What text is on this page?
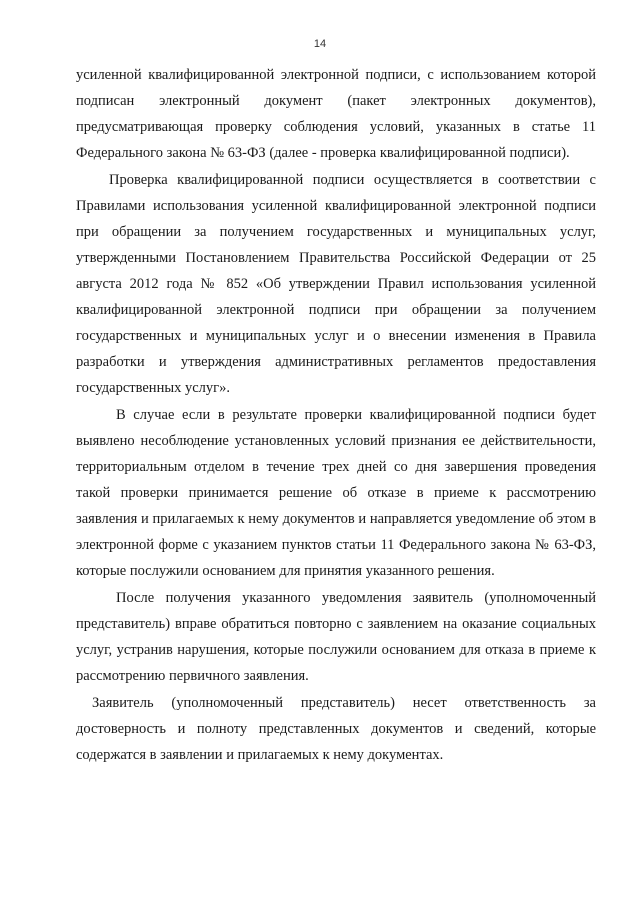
14

усиленной квалифицированной электронной подписи, с использованием которой подписан электронный документ (пакет электронных документов), предусматривающая проверку соблюдения условий, указанных в статье 11 Федерального закона № 63-ФЗ (далее - проверка квалифицированной подписи).

Проверка квалифицированной подписи осуществляется в соответствии с Правилами использования усиленной квалифицированной электронной подписи при обращении за получением государственных и муниципальных услуг, утвержденными Постановлением Правительства Российской Федерации от 25 августа 2012 года № 852 «Об утверждении Правил использования усиленной квалифицированной электронной подписи при обращении за получением государственных и муниципальных услуг и о внесении изменения в Правила разработки и утверждения административных регламентов предоставления государственных услуг».

В случае если в результате проверки квалифицированной подписи будет выявлено несоблюдение установленных условий признания ее действительности, территориальным отделом в течение трех дней со дня завершения проведения такой проверки принимается решение об отказе в приеме к рассмотрению заявления и прилагаемых к нему документов и направляется уведомление об этом в электронной форме с указанием пунктов статьи 11 Федерального закона № 63-ФЗ, которые послужили основанием для принятия указанного решения.

После получения указанного уведомления заявитель (уполномоченный представитель) вправе обратиться повторно с заявлением на оказание социальных услуг, устранив нарушения, которые послужили основанием для отказа в приеме к рассмотрению первичного заявления.

Заявитель (уполномоченный представитель) несет ответственность за достоверность и полноту представленных документов и сведений, которые содержатся в заявлении и прилагаемых к нему документах.
